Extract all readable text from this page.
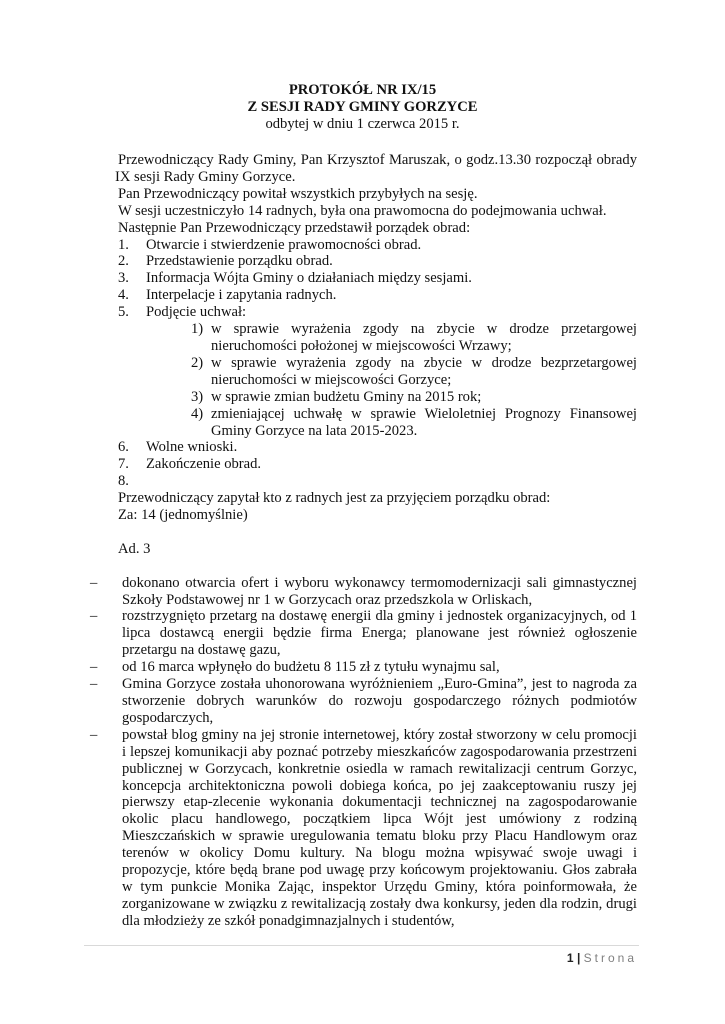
PROTOKÓŁ NR IX/15
Z SESJI RADY GMINY GORZYCE
odbytej w dniu 1 czerwca 2015 r.
Przewodniczący Rady Gminy, Pan Krzysztof Maruszak, o godz.13.30 rozpoczął obrady
IX sesji Rady Gminy Gorzyce.

Pan Przewodniczący powitał wszystkich przybyłych na sesję.

W sesji uczestniczyło 14 radnych, była ona prawomocna do podejmowania uchwał.

Następnie Pan Przewodniczący przedstawił porządek obrad:

1.	Otwarcie i stwierdzenie prawomocności obrad.
2.	Przedstawienie porządku obrad.
3.	Informacja Wójta Gminy o działaniach między sesjami.
4.	Interpelacje i zapytania radnych.
5.	Podjęcie uchwał:
1) w sprawie wyrażenia zgody na zbycie w drodze przetargowej nieruchomości położonej w miejscowości Wrzawy;
2) w sprawie wyrażenia zgody na zbycie w drodze bezprzetargowej nieruchomości w miejscowości Gorzyce;
3) w sprawie zmian budżetu Gminy na 2015 rok;
4) zmieniającej uchwałę w sprawie Wieloletniej Prognozy Finansowej Gminy Gorzyce na lata 2015-2023.
6.	Wolne wnioski.
7.	Zakończenie obrad.
8.

Przewodniczący zapytał kto z radnych jest za przyjęciem porządku obrad:

Za: 14 (jednomyślnie)

Ad. 3

– dokonano otwarcia ofert i wyboru wykonawcy termomodernizacji sali gimnastycznej Szkoły Podstawowej nr 1 w Gorzycach oraz przedszkola w Orliskach,
– rozstrzygnięto przetarg na dostawę energii dla gminy i jednostek organizacyjnych, od 1 lipca dostawcą energii będzie firma Energa; planowane jest również ogłoszenie przetargu na dostawę gazu,
– od 16 marca wpłynęło do budżetu 8 115 zł z tytułu wynajmu sal,
– Gmina Gorzyce została uhonorowana wyróżnieniem „Euro-Gmina”, jest to nagroda za stworzenie dobrych warunków do rozwoju gospodarczego różnych podmiotów gospodarczych,
– powstał blog gminy na jej stronie internetowej, który został stworzony w celu promocji i lepszej komunikacji aby poznać potrzeby mieszkańców zagospodarowania przestrzeni publicznej w Gorzycach, konkretnie osiedla w ramach rewitalizacji centrum Gorzyc, koncepcja architektoniczna powoli dobiega końca, po jej zaakceptowaniu ruszy jej pierwszy etap-zlecenie wykonania dokumentacji technicznej na zagospodarowanie okolic placu handlowego, początkiem lipca Wójt jest umówiony z rodziną Mieszczańskich w sprawie uregulowania tematu bloku przy Placu Handlowym oraz terenów w okolicy Domu kultury. Na blogu można wpisywać swoje uwagi i propozycje, które będą brane pod uwagę przy końcowym projektowaniu. Głos zabrała w tym punkcie Monika Zając, inspektor Urzędu Gminy, która poinformowała, że zorganizowane w związku z rewitalizacją zostały dwa konkursy, jeden dla rodzin, drugi dla młodzieży ze szkół ponadgimnazjalnych i studentów,
1 | Strona
